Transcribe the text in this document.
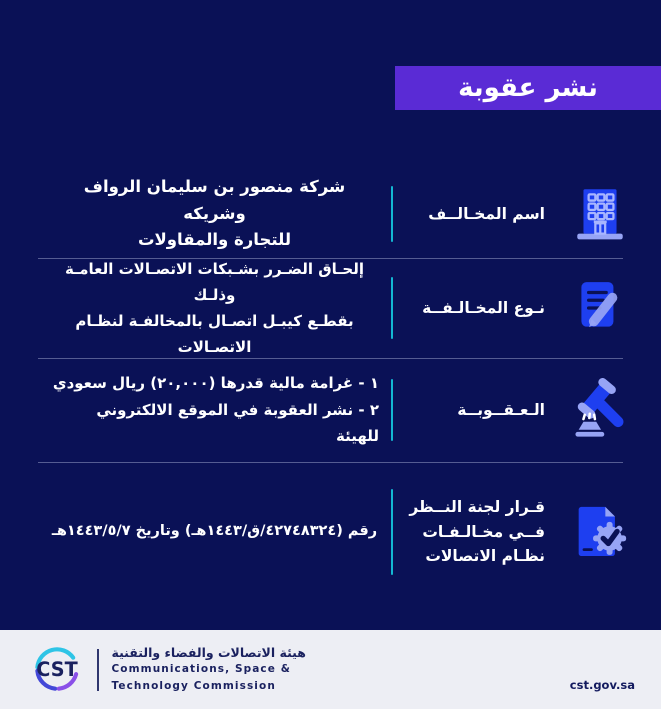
نشر عقوبة
اسم المخـالــف
شركة منصور بن سليمان الرواف وشريكه
للتجارة والمقاولات
نـوع المخـالـفــة
إلحـاق الضـرر بشـبكات الاتصـالات العامـة وذلـك
بقطـع كيبـل اتصـال بالمخالفـة لنظـام الاتصـالات
الـعـقــوبــة
١ - غرامة مالية قدرها (٢٠,٠٠٠) ريال سعودي
٢ - نشر العقوبة في الموقع الالكتروني للهيئة
قـرار لجنة النــظر
فــي مخـالـفـات
نظـام الاتصالات
رقم (٤٢٧٤٨٣٢٤/ق/١٤٤٣هـ) وتاريخ ١٤٤٣/٥/٧هـ
CST
هيئة الاتصالات والفضاء والتقنية
Communications, Space &
Technology Commission	cst.gov.sa
